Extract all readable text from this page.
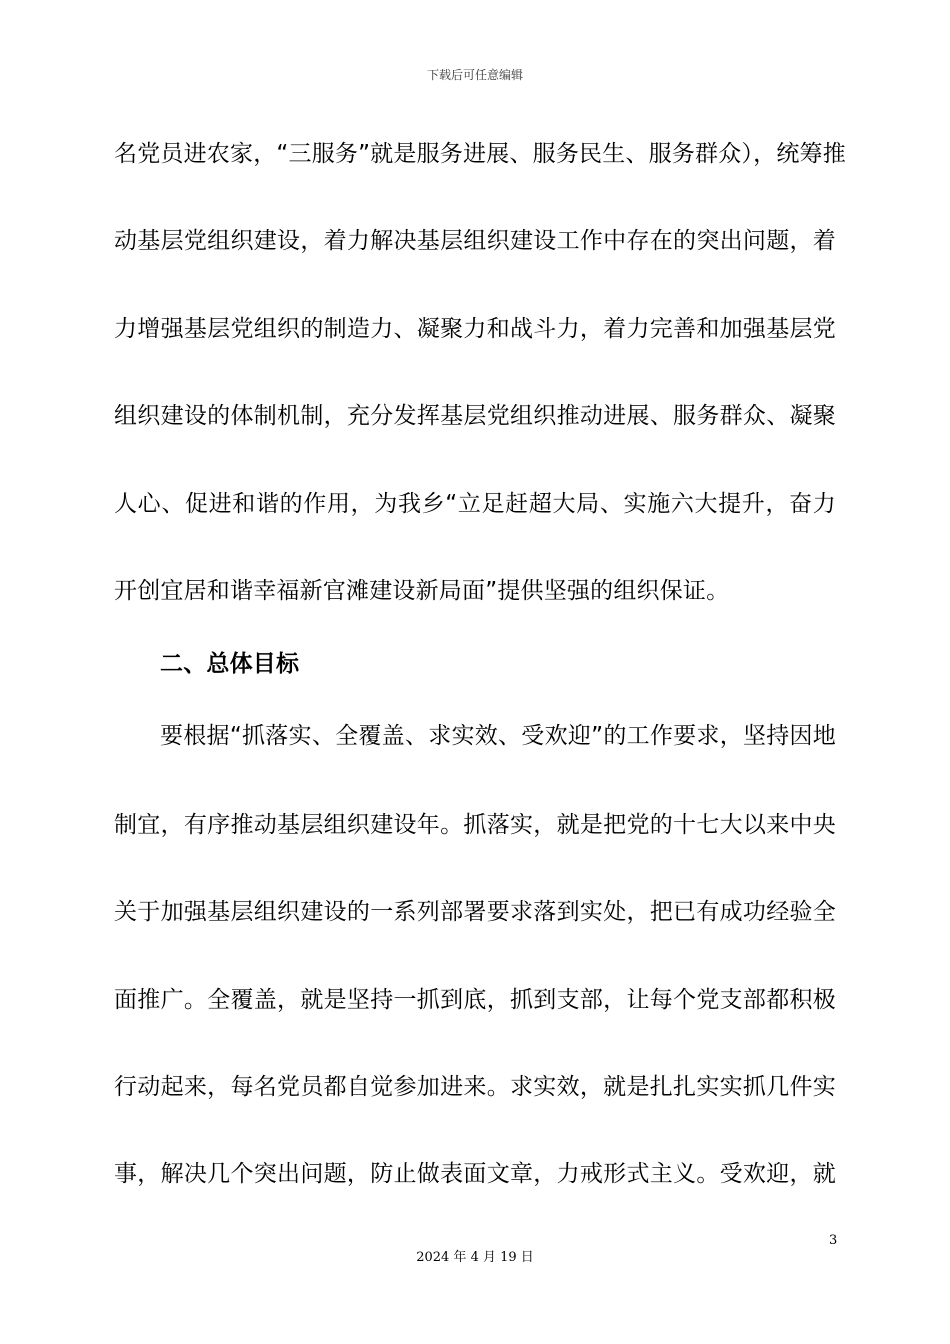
下载后可任意编辑
名党员进农家，“三服务”就是服务进展、服务民生、服务群众），统筹推
动基层党组织建设，着力解决基层组织建设工作中存在的突出问题，着
力增强基层党组织的制造力、凝聚力和战斗力，着力完善和加强基层党
组织建设的体制机制，充分发挥基层党组织推动进展、服务群众、凝聚
人心、促进和谐的作用，为我乡“立足赶超大局、实施六大提升，奋力
开创宜居和谐幸福新官滩建设新局面”提供坚强的组织保证。
二、总体目标
要根据“抓落实、全覆盖、求实效、受欢迎”的工作要求，坚持因地
制宜，有序推动基层组织建设年。抓落实，就是把党的十七大以来中央
关于加强基层组织建设的一系列部署要求落到实处，把已有成功经验全
面推广。全覆盖，就是坚持一抓到底，抓到支部，让每个党支部都积极
行动起来，每名党员都自觉参加进来。求实效，就是扎扎实实抓几件实
事，解决几个突出问题，防止做表面文章，力戒形式主义。受欢迎，就
3
2024 年 4 月 19 日
